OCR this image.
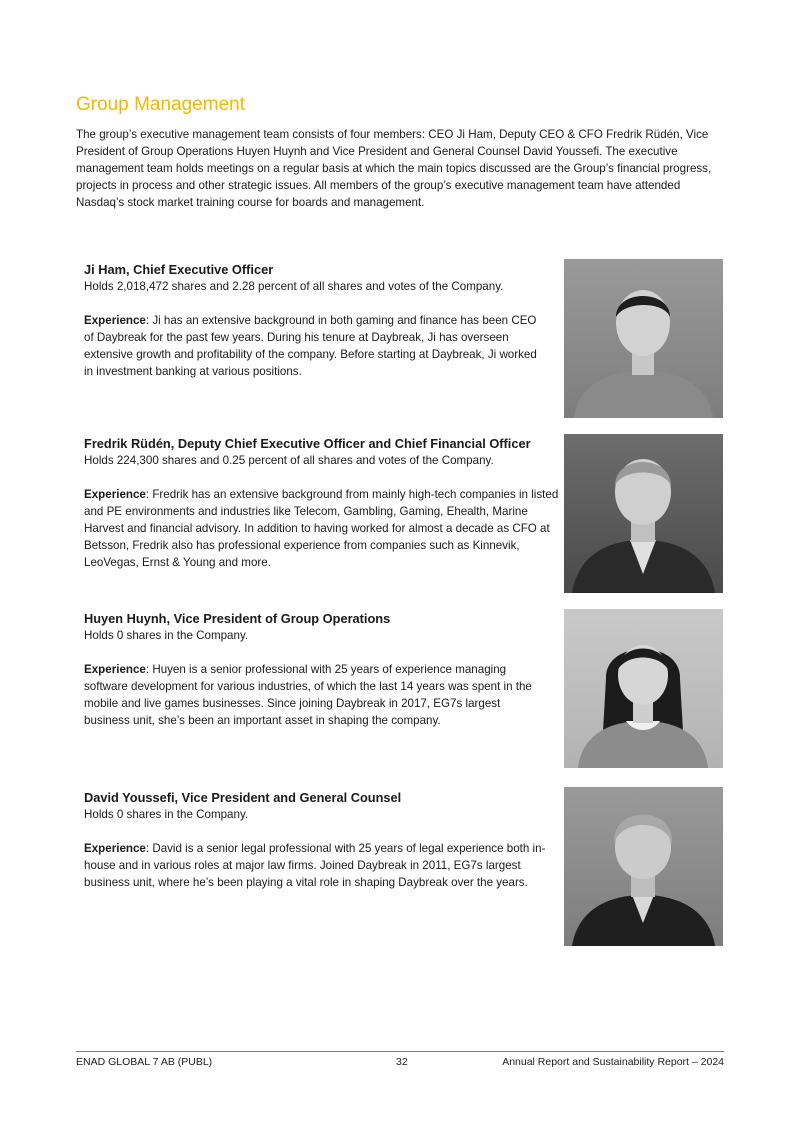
Group Management

The group’s executive management team consists of four members: CEO Ji Ham, Deputy CEO & CFO Fredrik Rüdén, Vice President of Group Operations Huyen Huynh and Vice President and General Counsel David Youssefi. The executive management team holds meetings on a regular basis at which the main topics discussed are the Group’s financial progress, projects in process and other strategic issues. All members of the group’s executive management team have attended Nasdaq’s stock market training course for boards and management.

Ji Ham, Chief Executive Officer

Holds 2,018,472 shares and 2.28 percent of all shares and votes of the Company.

Experience: Ji has an extensive background in both gaming and finance has been CEO of Daybreak for the past few years. During his tenure at Daybreak, Ji has overseen extensive growth and profitability of the company. Before starting at Daybreak, Ji worked in investment banking at various positions.

Fredrik Rüdén, Deputy Chief Executive Officer and Chief Financial Officer

Holds 224,300 shares and 0.25 percent of all shares and votes of the Company.

Experience: Fredrik has an extensive background from mainly high-tech companies in listed and PE environments and industries like Telecom, Gambling, Gaming, Ehealth, Marine Harvest and financial advisory. In addition to having worked for almost a decade as CFO at Betsson, Fredrik also has professional experience from companies such as Kinnevik, LeoVegas, Ernst & Young and more.

Huyen Huynh, Vice President of Group Operations

Holds 0 shares in the Company.

Experience: Huyen is a senior professional with 25 years of experience managing software development for various industries, of which the last 14 years was spent in the mobile and live games businesses. Since joining Daybreak in 2017, EG7s largest business unit, she’s been an important asset in shaping the company.

David Youssefi, Vice President and General Counsel

Holds 0 shares in the Company.

Experience: David is a senior legal professional with 25 years of legal experience both in-house and in various roles at major law firms. Joined Daybreak in 2011, EG7s largest business unit, where he’s been playing a vital role in shaping Daybreak over the years.

ENAD GLOBAL 7 AB (PUBL)	32	Annual Report and Sustainability Report – 2024
